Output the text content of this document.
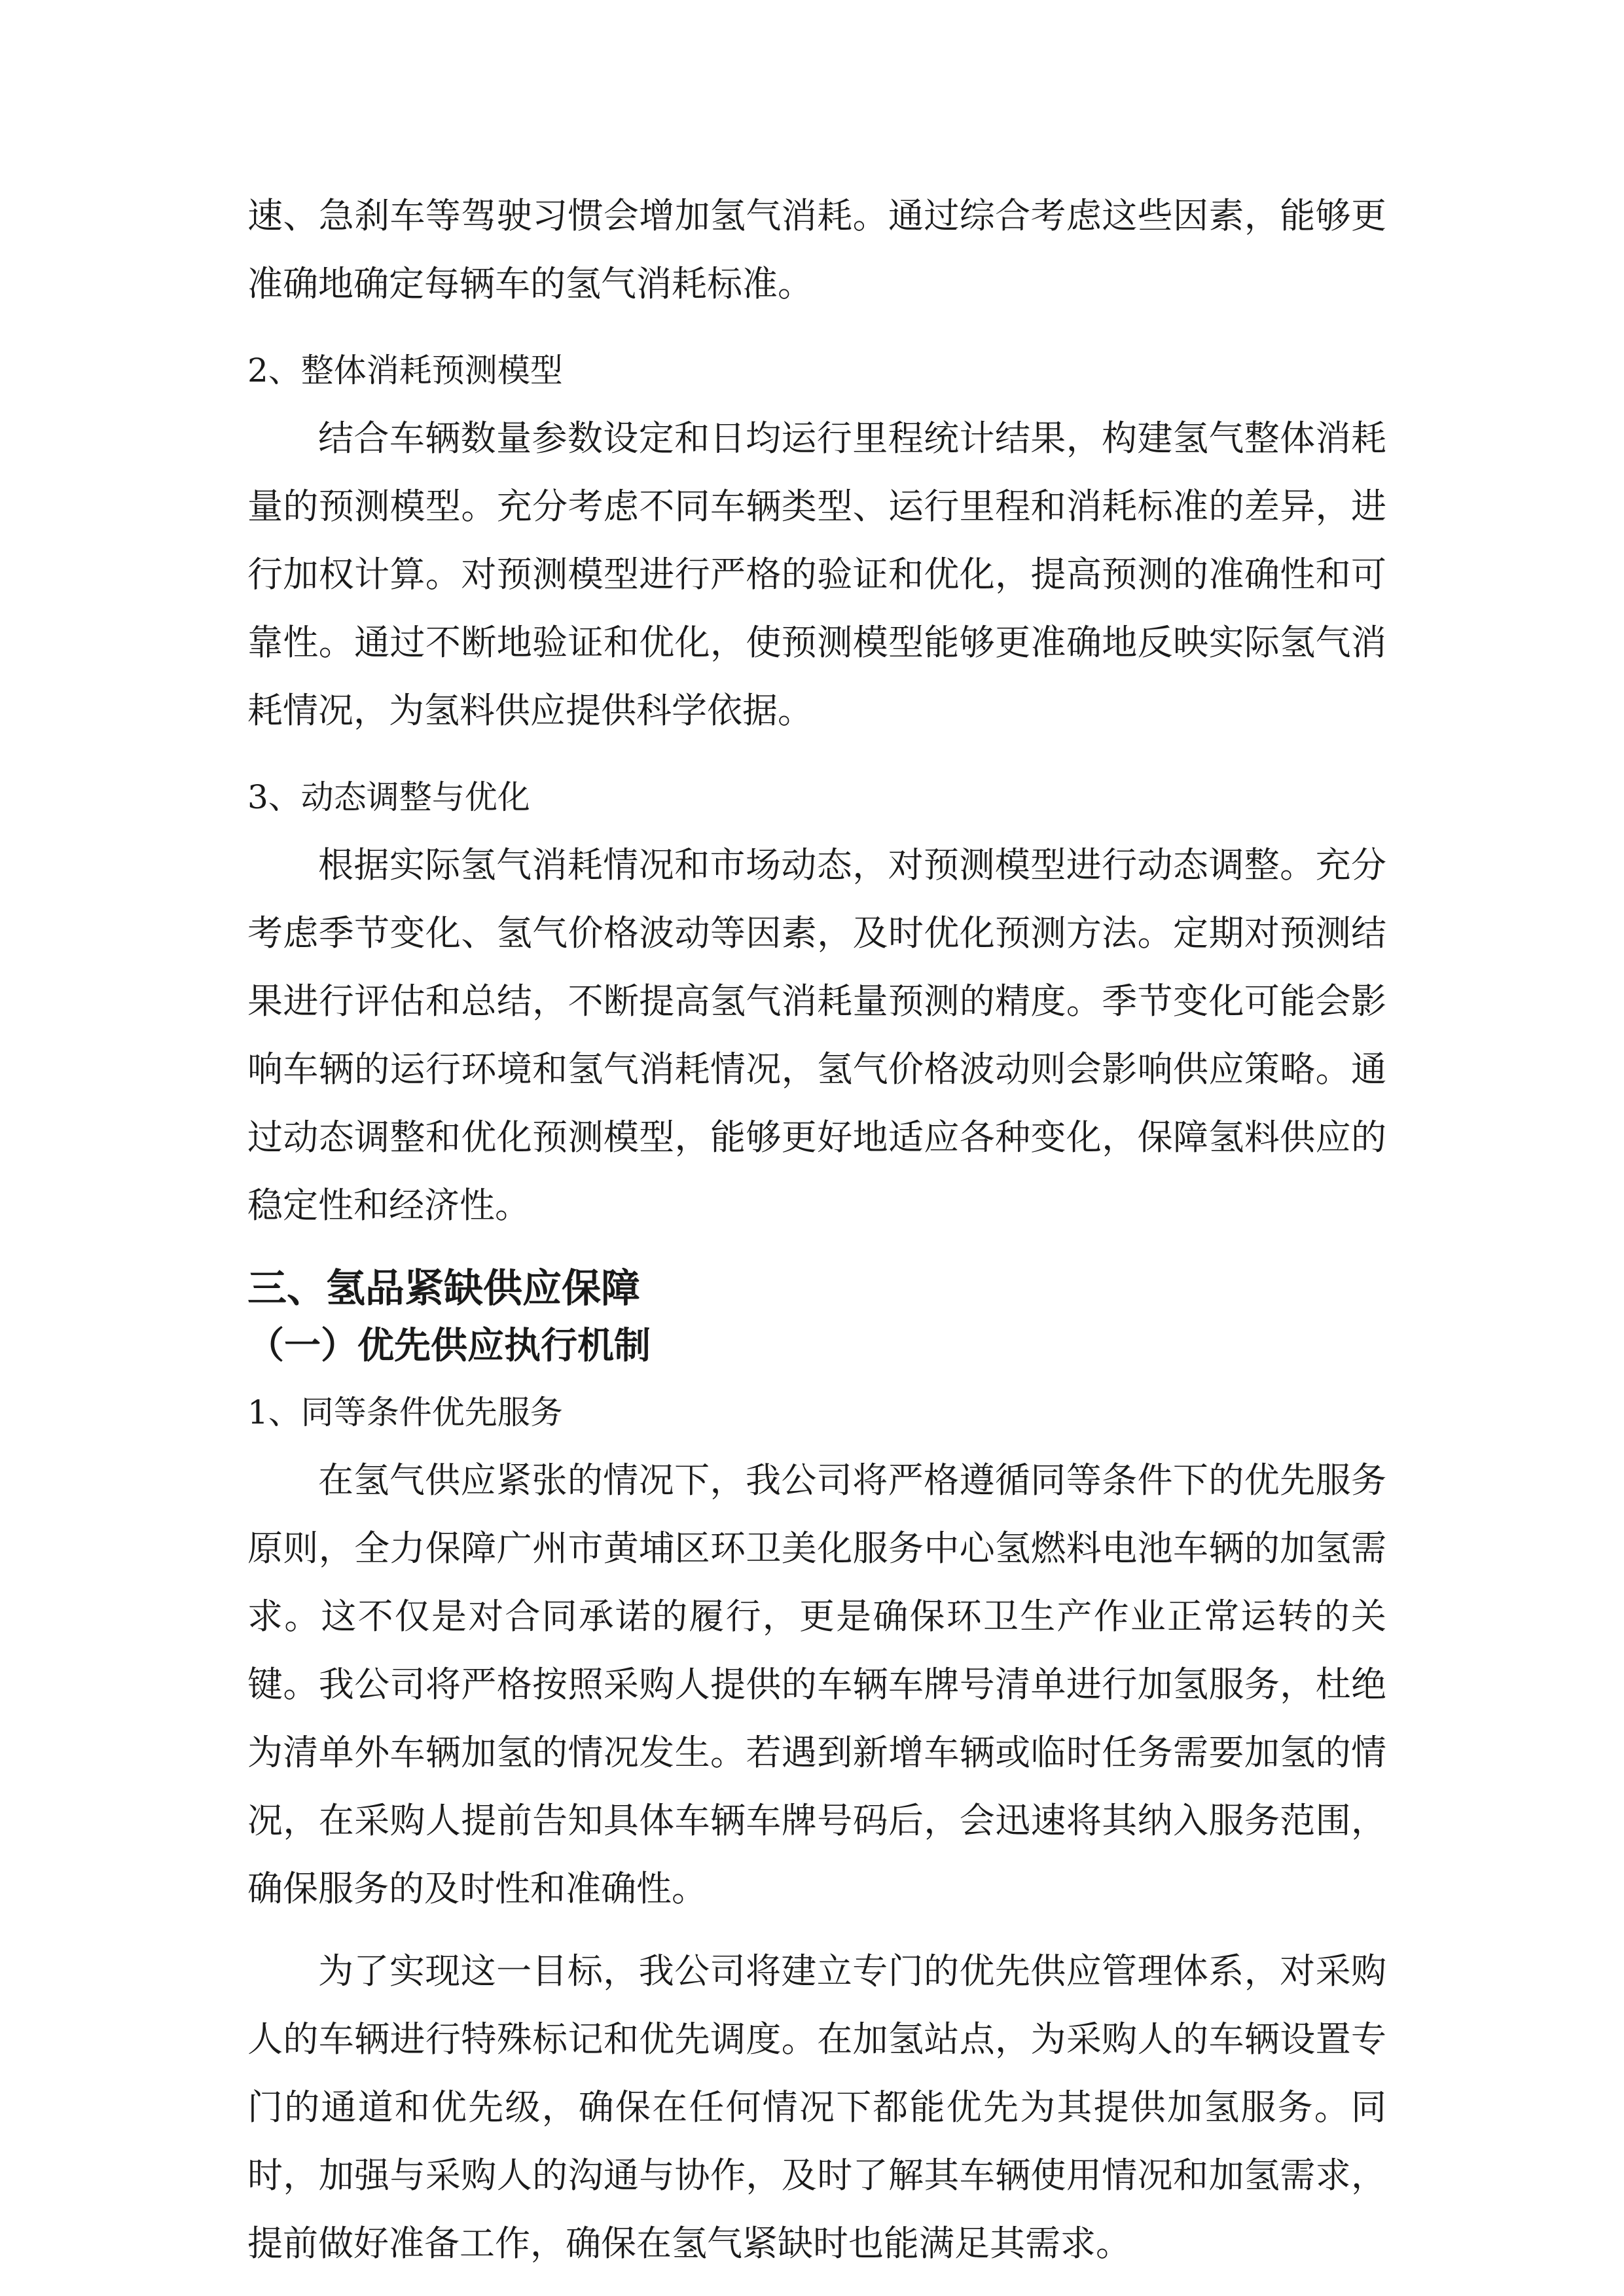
速、急刹车等驾驶习惯会增加氢气消耗。通过综合考虑这些因素，能够更准确地确定每辆车的氢气消耗标准。

2、整体消耗预测模型

结合车辆数量参数设定和日均运行里程统计结果，构建氢气整体消耗量的预测模型。充分考虑不同车辆类型、运行里程和消耗标准的差异，进行加权计算。对预测模型进行严格的验证和优化，提高预测的准确性和可靠性。通过不断地验证和优化，使预测模型能够更准确地反映实际氢气消耗情况，为氢料供应提供科学依据。

3、动态调整与优化

根据实际氢气消耗情况和市场动态，对预测模型进行动态调整。充分考虑季节变化、氢气价格波动等因素，及时优化预测方法。定期对预测结果进行评估和总结，不断提高氢气消耗量预测的精度。季节变化可能会影响车辆的运行环境和氢气消耗情况，氢气价格波动则会影响供应策略。通过动态调整和优化预测模型，能够更好地适应各种变化，保障氢料供应的稳定性和经济性。

三、氢品紧缺供应保障
（一）优先供应执行机制

1、同等条件优先服务

在氢气供应紧张的情况下，我公司将严格遵循同等条件下的优先服务原则，全力保障广州市黄埔区环卫美化服务中心氢燃料电池车辆的加氢需求。这不仅是对合同承诺的履行，更是确保环卫生产作业正常运转的关键。我公司将严格按照采购人提供的车辆车牌号清单进行加氢服务，杜绝为清单外车辆加氢的情况发生。若遇到新增车辆或临时任务需要加氢的情况，在采购人提前告知具体车辆车牌号码后，会迅速将其纳入服务范围，确保服务的及时性和准确性。

为了实现这一目标，我公司将建立专门的优先供应管理体系，对采购人的车辆进行特殊标记和优先调度。在加氢站点，为采购人的车辆设置专门的通道和优先级，确保在任何情况下都能优先为其提供加氢服务。同时，加强与采购人的沟通与协作，及时了解其车辆使用情况和加氢需求，提前做好准备工作，确保在氢气紧缺时也能满足其需求。
